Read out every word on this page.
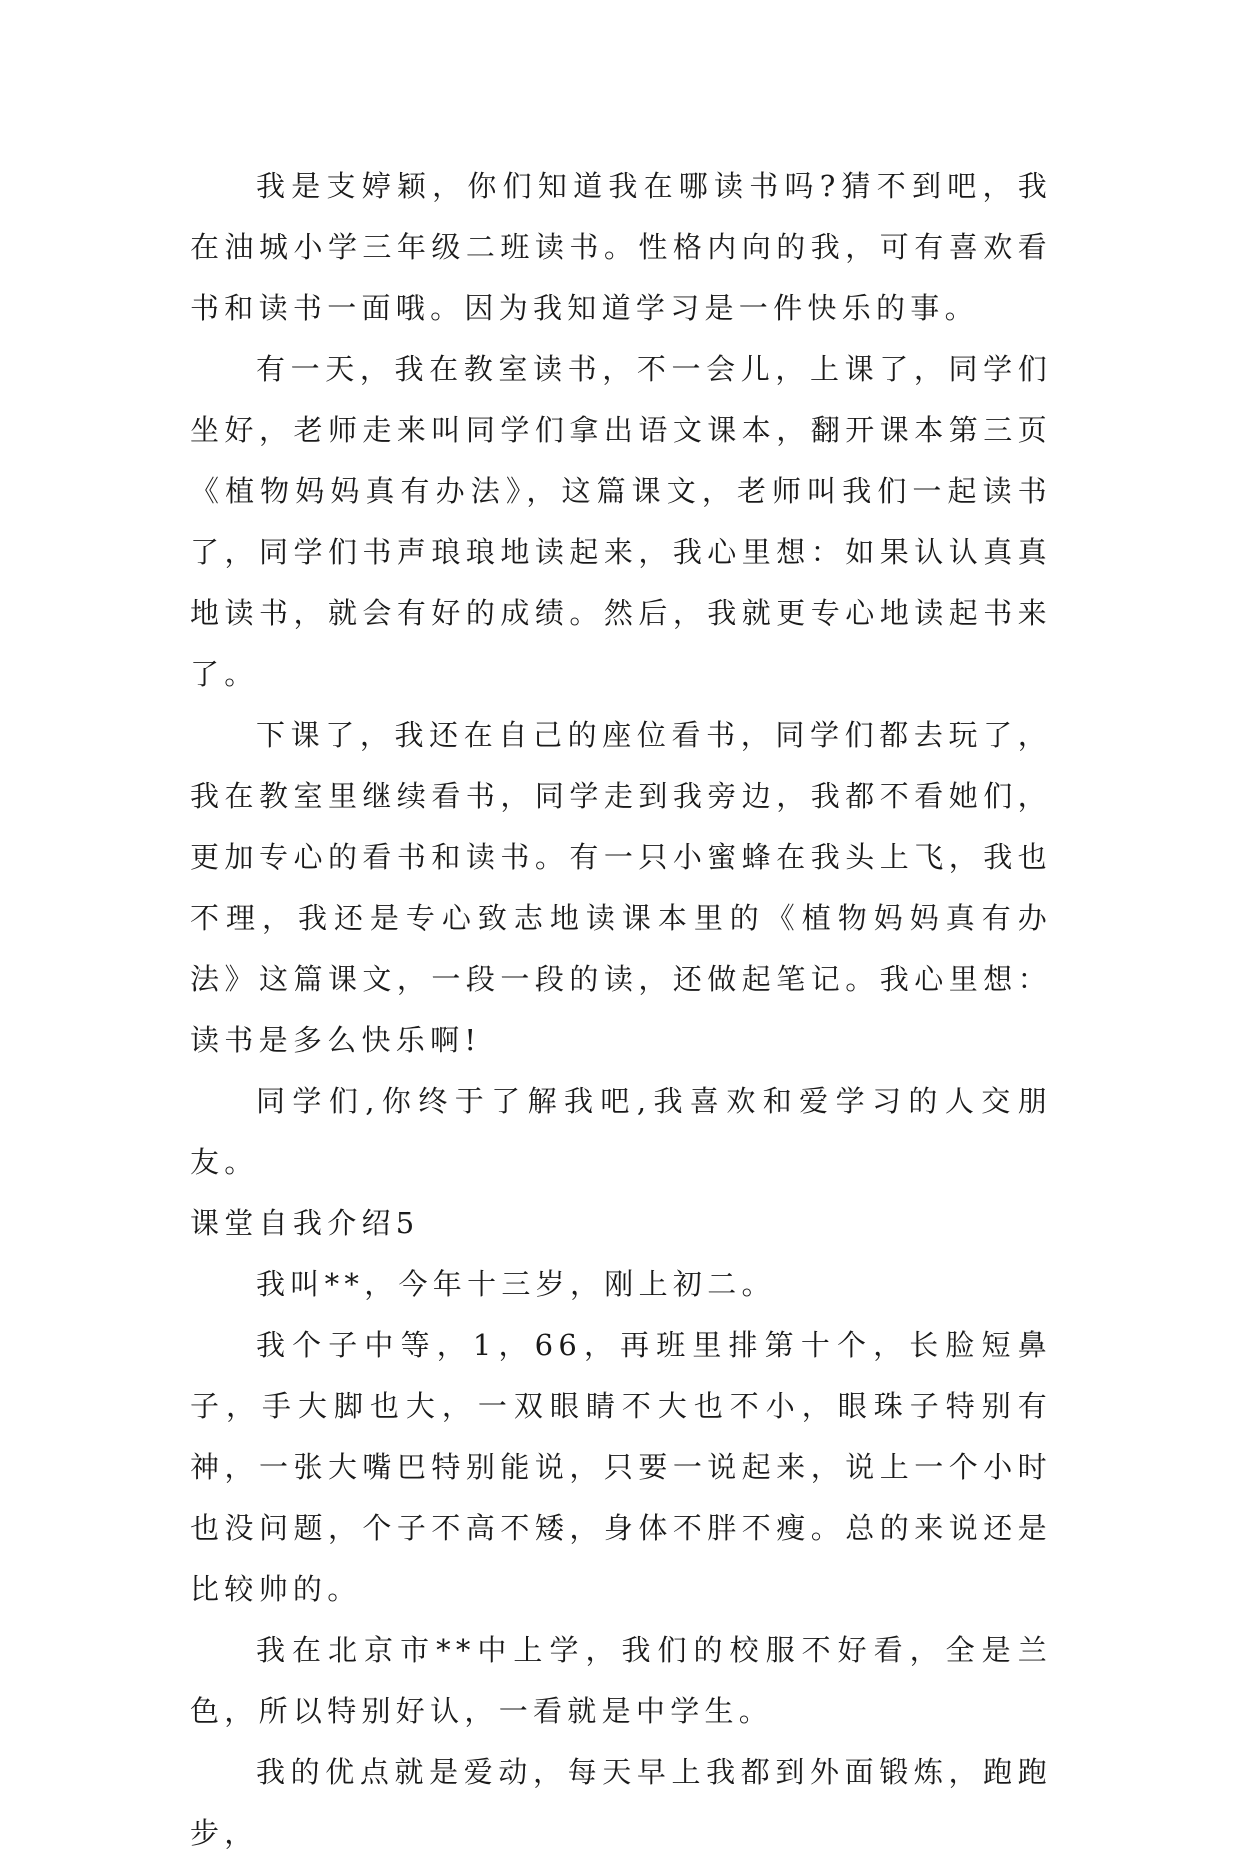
我是支婷颖，你们知道我在哪读书吗?猜不到吧，我在油城小学三年级二班读书。性格内向的我，可有喜欢看书和读书一面哦。因为我知道学习是一件快乐的事。

有一天，我在教室读书，不一会儿，上课了，同学们坐好，老师走来叫同学们拿出语文课本，翻开课本第三页《植物妈妈真有办法》，这篇课文，老师叫我们一起读书了，同学们书声琅琅地读起来，我心里想：如果认认真真地读书，就会有好的成绩。然后，我就更专心地读起书来了。

下课了，我还在自己的座位看书，同学们都去玩了，我在教室里继续看书，同学走到我旁边，我都不看她们，更加专心的看书和读书。有一只小蜜蜂在我头上飞，我也不理，我还是专心致志地读课本里的《植物妈妈真有办法》这篇课文，一段一段的读，还做起笔记。我心里想：读书是多么快乐啊!

同学们,你终于了解我吧,我喜欢和爱学习的人交朋友。

课堂自我介绍5

我叫**，今年十三岁，刚上初二。

我个子中等，1，66，再班里排第十个，长脸短鼻子，手大脚也大，一双眼睛不大也不小，眼珠子特别有神，一张大嘴巴特别能说，只要一说起来，说上一个小时也没问题，个子不高不矮，身体不胖不瘦。总的来说还是比较帅的。

我在北京市**中上学，我们的校服不好看，全是兰色，所以特别好认，一看就是中学生。

我的优点就是爱动，每天早上我都到外面锻炼，跑跑步，
